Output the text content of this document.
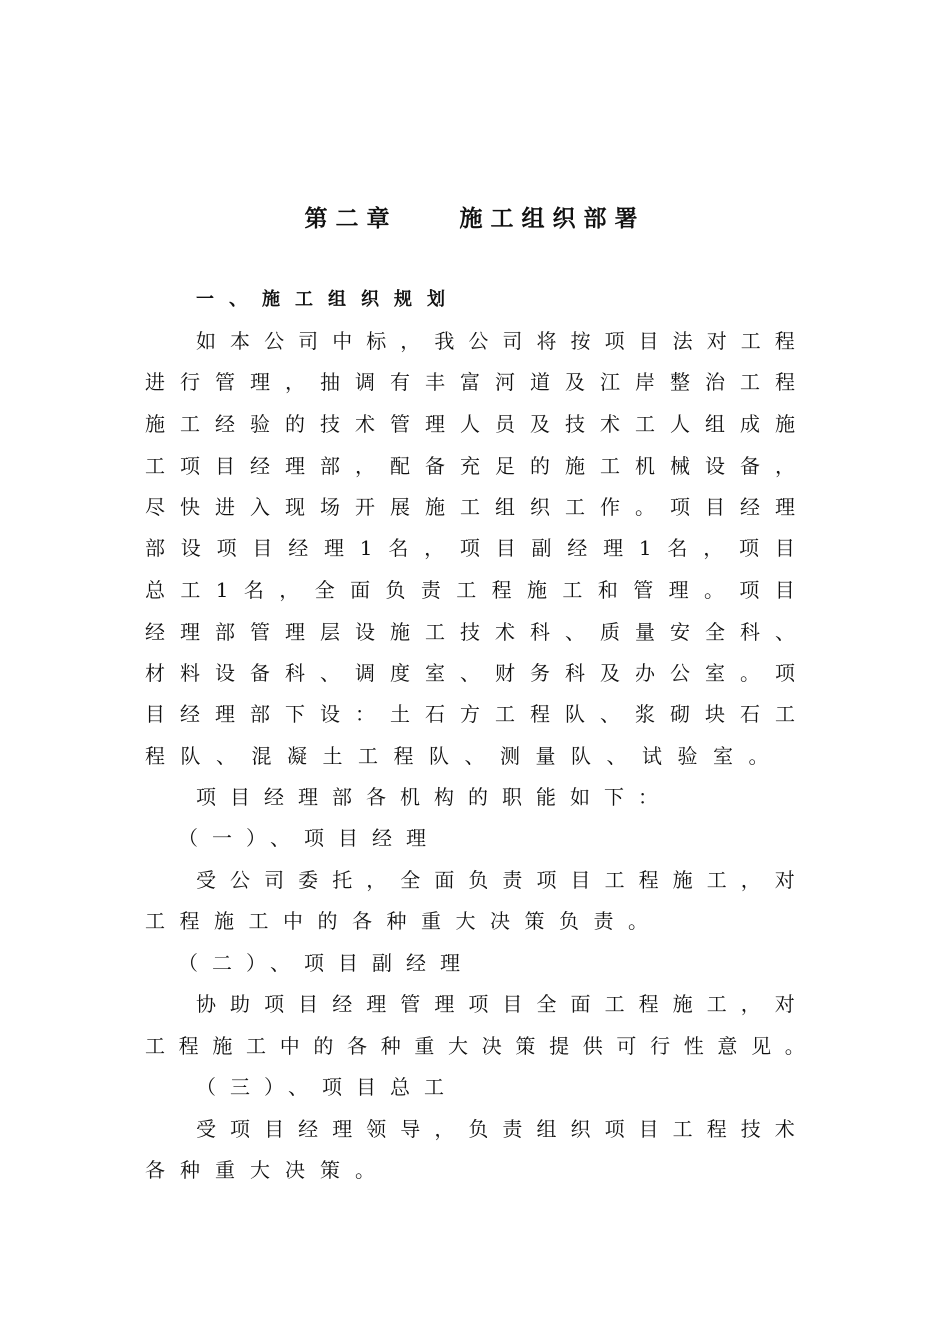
第二章	施工组织部署
一、施工组织规划
如 本 公 司 中 标 ， 我 公 司 将 按 项 目 法 对 工 程
进 行 管 理 ， 抽 调 有 丰 富 河 道 及 江 岸 整 治 工 程
施 工 经 验 的 技 术 管 理 人 员 及 技 术 工 人 组 成 施
工 项 目 经 理 部 ， 配 备 充 足 的 施 工 机 械 设 备 ，
尽 快 进 入 现 场 开 展 施 工 组 织 工 作 。 项 目 经 理
部 设 项 目 经 理 1 名 ， 项 目 副 经 理 1 名 ， 项 目
总 工 1 名 ， 全 面 负 责 工 程 施 工 和 管 理 。 项 目
经 理 部 管 理 层 设 施 工 技 术 科 、 质 量 安 全 科 、
材 料 设 备 科 、 调 度 室 、 财 务 科 及 办 公 室 。 项
目 经 理 部 下 设 ： 土 石 方 工 程 队 、 浆 砌 块 石 工
程队、混凝土工程队、测量队、试验室。
项目经理部各机构的职能如下：
（一）、项目经理
受 公 司 委 托 ， 全 面 负 责 项 目 工 程 施 工 ， 对
工程施工中的各种重大决策负责。
（二）、项目副经理
协 助 项 目 经 理 管 理 项 目 全 面 工 程 施 工 ， 对
工 程 施 工 中 的 各 种 重 大 决 策 提 供 可 行 性 意 见 。
（三）、项目总工
受 项 目 经 理 领 导 ， 负 责 组 织 项 目 工 程 技 术
各种重大决策。
